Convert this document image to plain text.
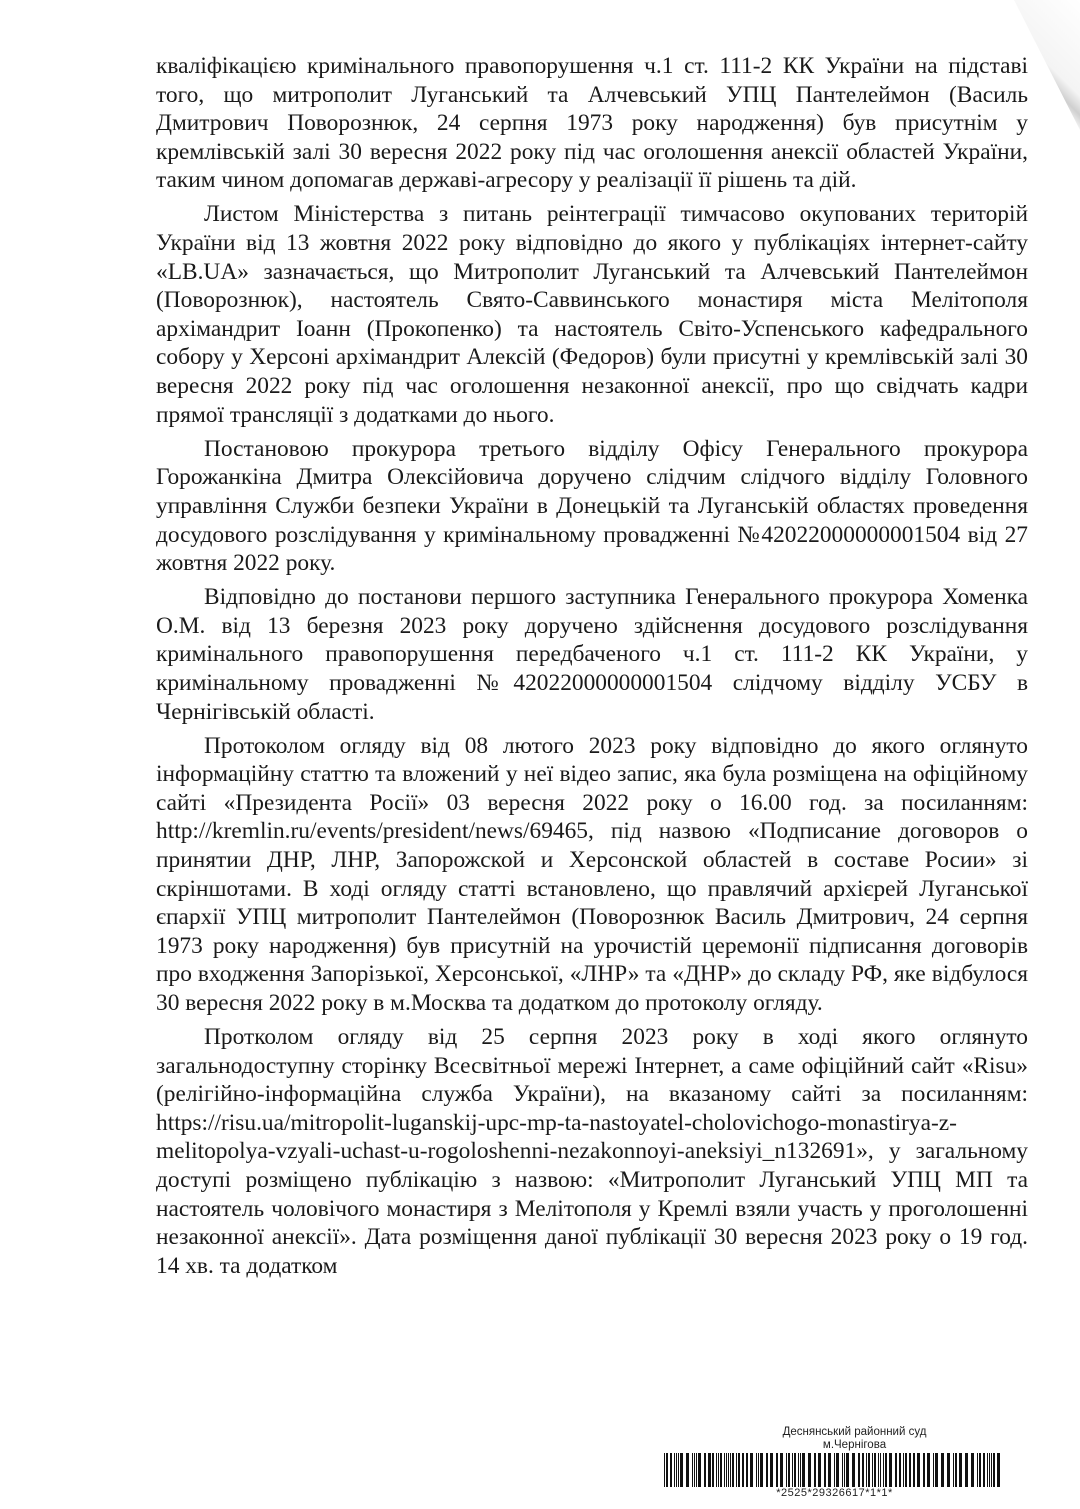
кваліфікацією кримінального правопорушення ч.1 ст. 111-2 КК України на підставі того, що митрополит Луганський та Алчевський УПЦ Пантелеймон (Василь Дмитрович Поворознюк, 24 серпня 1973 року народження) був присутнім у кремлівській залі 30 вересня 2022 року під час оголошення анексії областей України, таким чином допомагав державі-агресору у реалізації її рішень та дій.

Листом Міністерства з питань реінтеграції тимчасово окупованих територій України від 13 жовтня 2022 року відповідно до якого у публікаціях інтернет-сайту «LB.UA» зазначається, що Митрополит Луганський та Алчевський Пантелеймон (Поворознюк), настоятель Свято-Саввинського монастиря міста Мелітополя архімандрит Іоанн (Прокопенко) та настоятель Світо-Успенського кафедрального собору у Херсоні архімандрит Алексій (Федоров) були присутні у кремлівській залі 30 вересня 2022 року під час оголошення незаконної анексії, про що свідчать кадри прямої трансляції з додатками до нього.

Постановою прокурора третього відділу Офісу Генерального прокурора Горожанкіна Дмитра Олексійовича доручено слідчим слідчого відділу Головного управління Служби безпеки України в Донецькій та Луганській областях проведення досудового розслідування у кримінальному провадженні №42022000000001504 від 27 жовтня 2022 року.

Відповідно до постанови першого заступника Генерального прокурора Хоменка О.М. від 13 березня 2023 року доручено здійснення досудового розслідування кримінального правопорушення передбаченого ч.1 ст. 111-2 КК України, у кримінальному провадженні №42022000000001504 слідчому відділу УСБУ в Чернігівській області.

Протоколом огляду від 08 лютого 2023 року відповідно до якого оглянуто інформаційну статтю та вложений у неї відео запис, яка була розміщена на офіційному сайті «Президента Росії» 03 вересня 2022 року о 16.00 год. за посиланням: http://kremlin.ru/events/president/news/69465, під назвою «Подписание договоров о принятии ДНР, ЛНР, Запорожской и Херсонской областей в составе Росии» зі скріншотами. В ході огляду статті встановлено, що правлячий архієрей Луганської єпархії УПЦ митрополит Пантелеймон (Поворознюк Василь Дмитрович, 24 серпня 1973 року народження) був присутній на урочистій церемонії підписання договорів про входження Запорізької, Херсонської, «ЛНР» та «ДНР» до складу РФ, яке відбулося 30 вересня 2022 року в м.Москва та додатком до протоколу огляду.

Протколом огляду від 25 серпня 2023 року в ході якого оглянуто загальнодоступну сторінку Всесвітньої мережі Інтернет, а саме офіційний сайт «Risu» (релігійно-інформаційна служба України), на вказаному сайті за посиланням: https://risu.ua/mitropolit-luganskij-upc-mp-ta-nastoyatel-cholovichogo-monastirya-z-melitopolya-vzyali-uchast-u-rogoloshenni-nezakonnoyi-aneksiyi_n132691», у загальному доступі розміщено публікацію з назвою: «Митрополит Луганський УПЦ МП та настоятель чоловічого монастиря з Мелітополя у Кремлі взяли участь у проголошенні незаконної анексії». Дата розміщення даної публікації 30 вересня 2023 року о 19 год. 14 хв. та додатком

Деснянський районний суд
м.Чернігова
*2525*29326617*1*1*
